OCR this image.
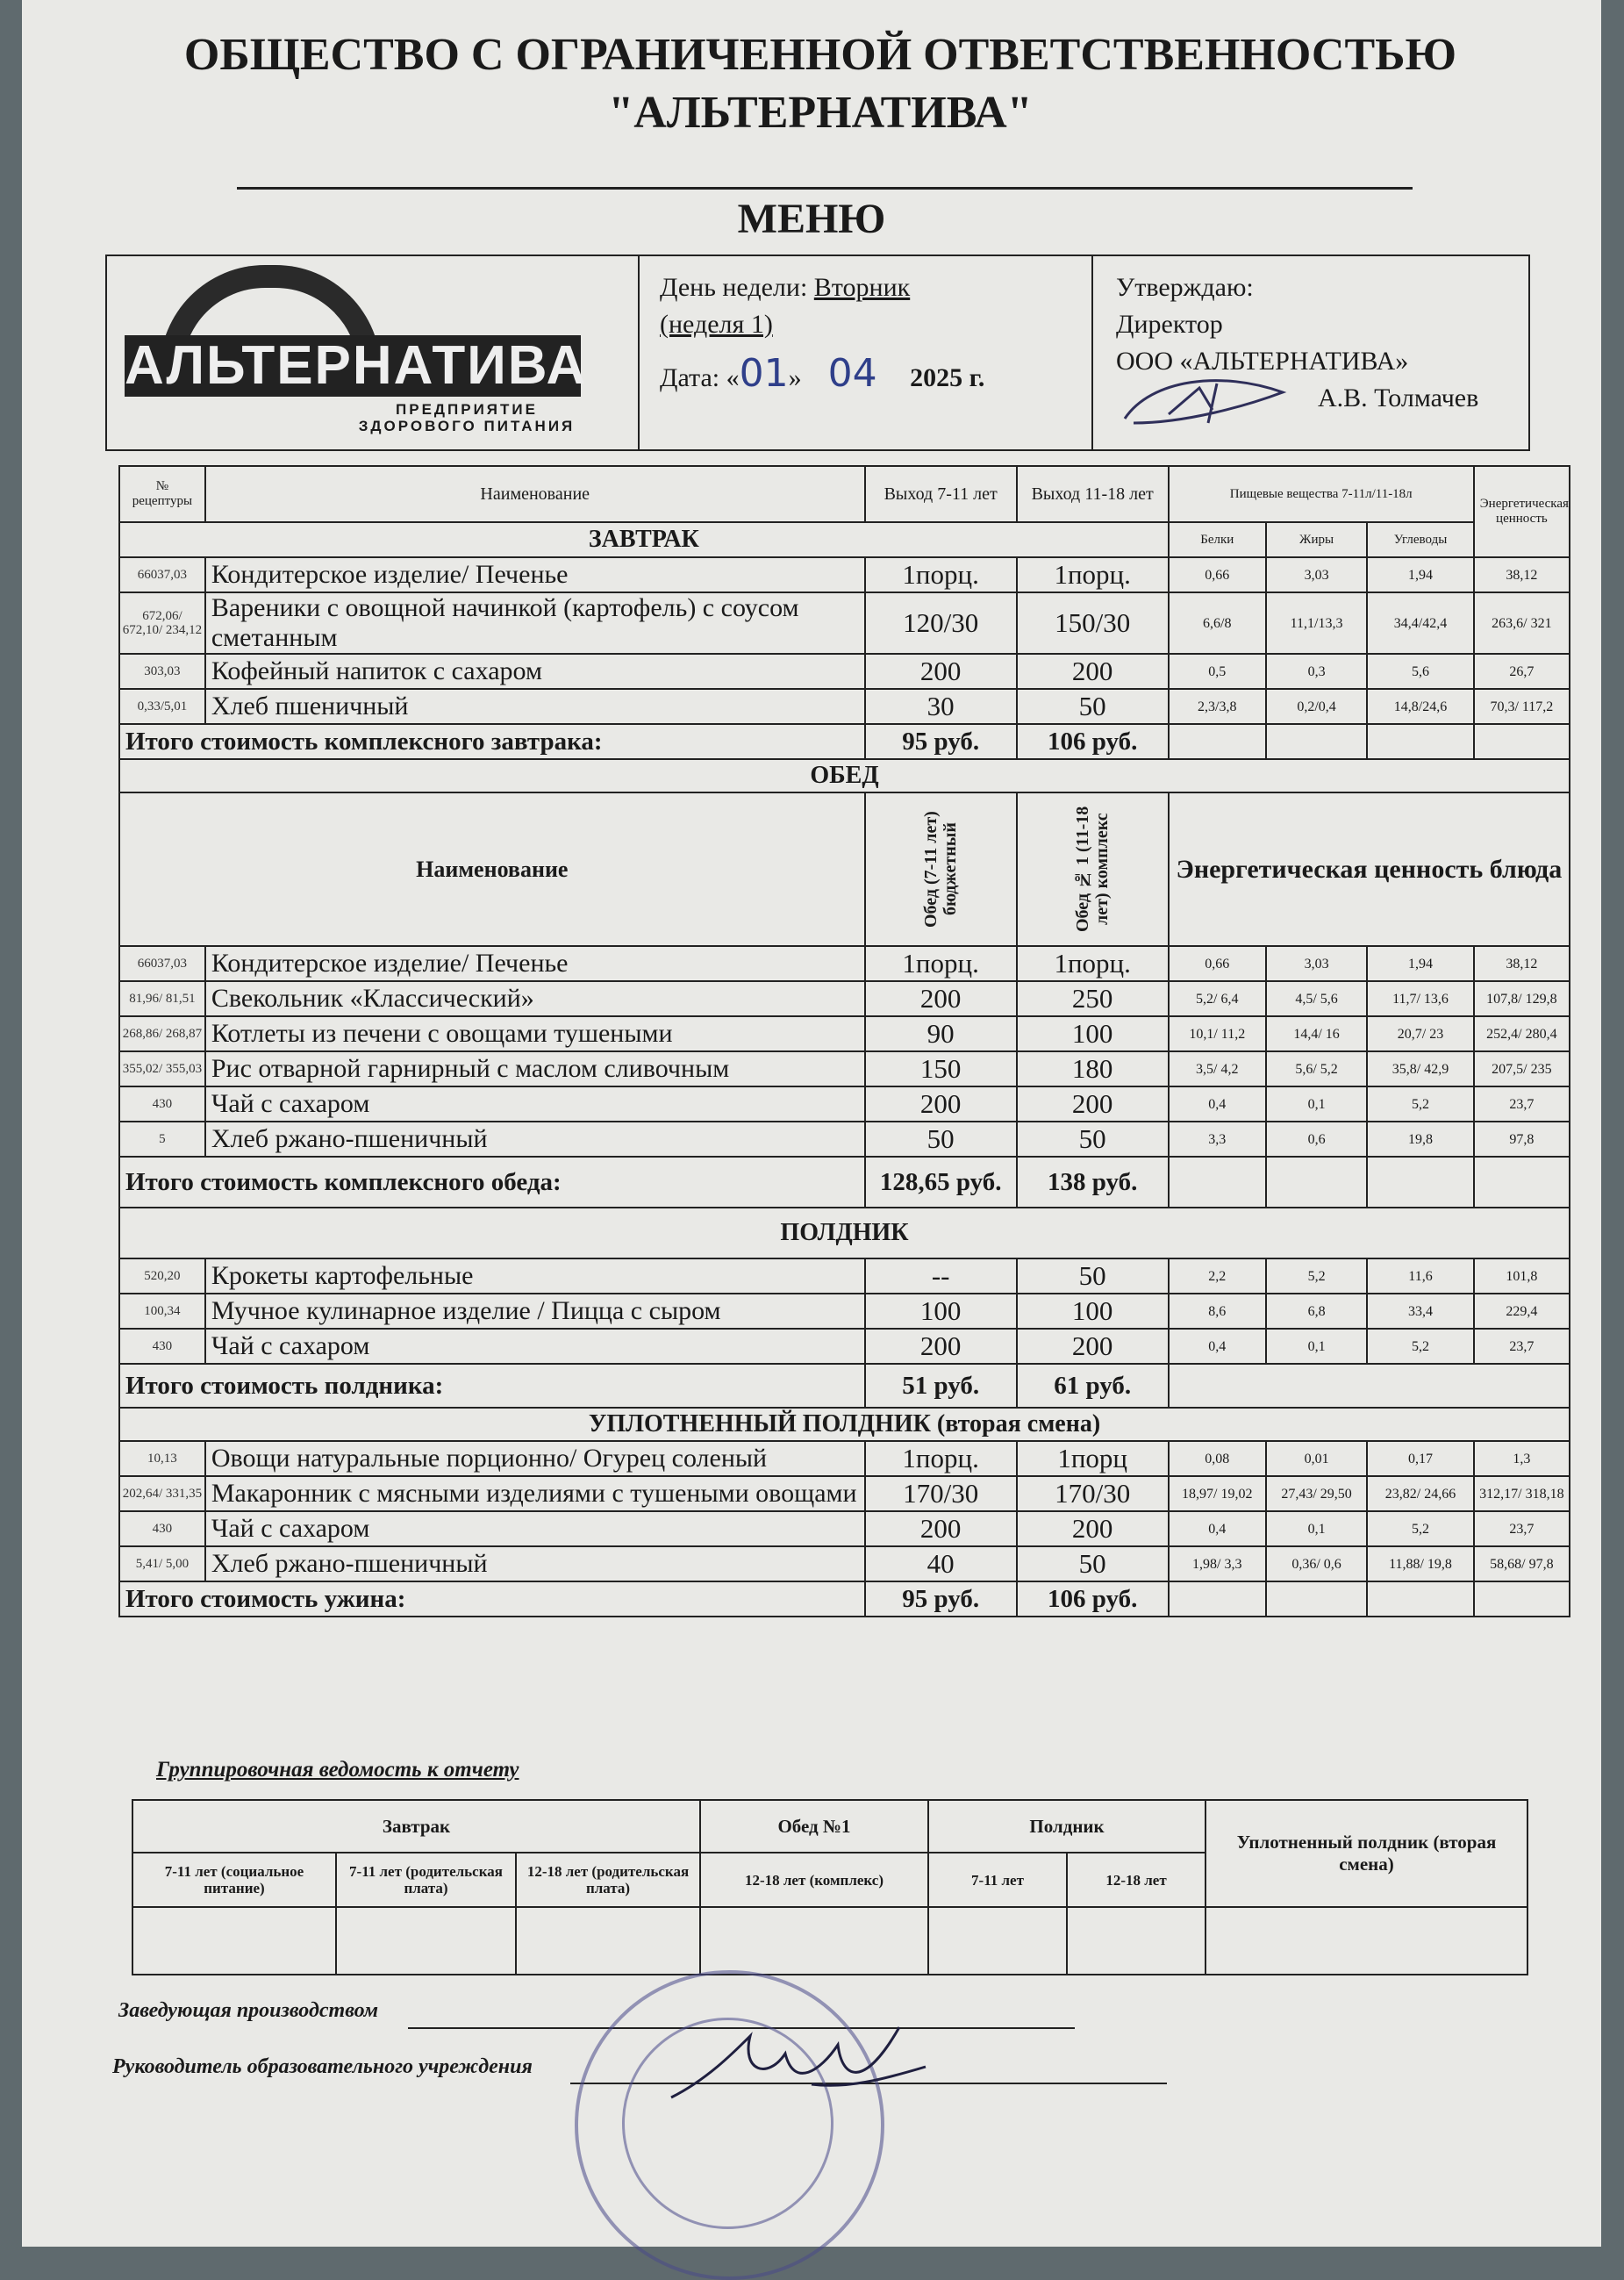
ОБЩЕСТВО С ОГРАНИЧЕННОЙ ОТВЕТСТВЕННОСТЬЮ
"АЛЬТЕРНАТИВА"
МЕНЮ
АЛЬТЕРНАТИВА
ПРЕДПРИЯТИЕ ЗДОРОВОГО ПИТАНИЯ
День недели: Вторник
(неделя 1)
Дата: «01»    04 2025 г.
Утверждаю:
Директор
ООО «АЛЬТЕРНАТИВА»
А.В. Толмачев
№ рецептуры	Наименование	Выход 7-11 лет	Выход 11-18 лет	Пищевые вещества 7-11л/11-18л			Энергетическая ценность
ЗАВТРАК				Белки	Жиры	Углеводы	
66037,03	Кондитерское изделие/ Печенье	1порц.	1порц.	0,66	3,03	1,94	38,12
672,06/ 672,10/ 234,12	Вареники с овощной начинкой (картофель) с соусом сметанным	120/30	150/30	6,6/8	11,1/13,3	34,4/42,4	263,6/ 321
303,03	Кофейный напиток с сахаром	200	200	0,5	0,3	5,6	26,7
0,33/5,01	Хлеб пшеничный	30	50	2,3/3,8	0,2/0,4	14,8/24,6	70,3/ 117,2
Итого стоимость комплексного завтрака:		95 руб.	106 руб.				
ОБЕД							
Наименование		Обед (7-11 лет) бюджетный	Обед № 1 (11-18 лет) комплекс	Энергетическая ценность блюда			
66037,03	Кондитерское изделие/ Печенье	1порц.	1порц.	0,66	3,03	1,94	38,12
81,96/ 81,51	Свекольник «Классический»	200	250	5,2/ 6,4	4,5/ 5,6	11,7/ 13,6	107,8/ 129,8
268,86/ 268,87	Котлеты из печени с овощами тушеными	90	100	10,1/ 11,2	14,4/ 16	20,7/ 23	252,4/ 280,4
355,02/ 355,03	Рис отварной гарнирный с маслом сливочным	150	180	3,5/ 4,2	5,6/ 5,2	35,8/ 42,9	207,5/ 235
430	Чай с сахаром	200	200	0,4	0,1	5,2	23,7
5	Хлеб ржано-пшеничный	50	50	3,3	0,6	19,8	97,8
Итого стоимость комплексного обеда:		128,65 руб.	138 руб.				
ПОЛДНИК							
520,20	Крокеты картофельные	--	50	2,2	5,2	11,6	101,8
100,34	Мучное кулинарное изделие / Пицца с сыром	100	100	8,6	6,8	33,4	229,4
430	Чай с сахаром	200	200	0,4	0,1	5,2	23,7
Итого стоимость полдника:		51 руб.	61 руб.				
УПЛОТНЕННЫЙ ПОЛДНИК (вторая смена)							
10,13	Овощи натуральные порционно/ Огурец соленый	1порц.	1порц	0,08	0,01	0,17	1,3
202,64/ 331,35	Макаронник с мясными изделиями с тушеными овощами	170/30	170/30	18,97/ 19,02	27,43/ 29,50	23,82/ 24,66	312,17/ 318,18
430	Чай с сахаром	200	200	0,4	0,1	5,2	23,7
5,41/ 5,00	Хлеб ржано-пшеничный	40	50	1,98/ 3,3	0,36/ 0,6	11,88/ 19,8	58,68/ 97,8
Итого стоимость ужина:		95 руб.	106 руб.				
Группировочная ведомость к отчету
Завтрак			Обед №1	Полдник		Уплотненный полдник (вторая смена)
7-11 лет (социальное питание)	7-11 лет (родительская плата)	12-18 лет (родительская плата)	12-18 лет (комплекс)	7-11 лет	12-18 лет	

Заведующая производством
Руководитель образовательного учреждения
